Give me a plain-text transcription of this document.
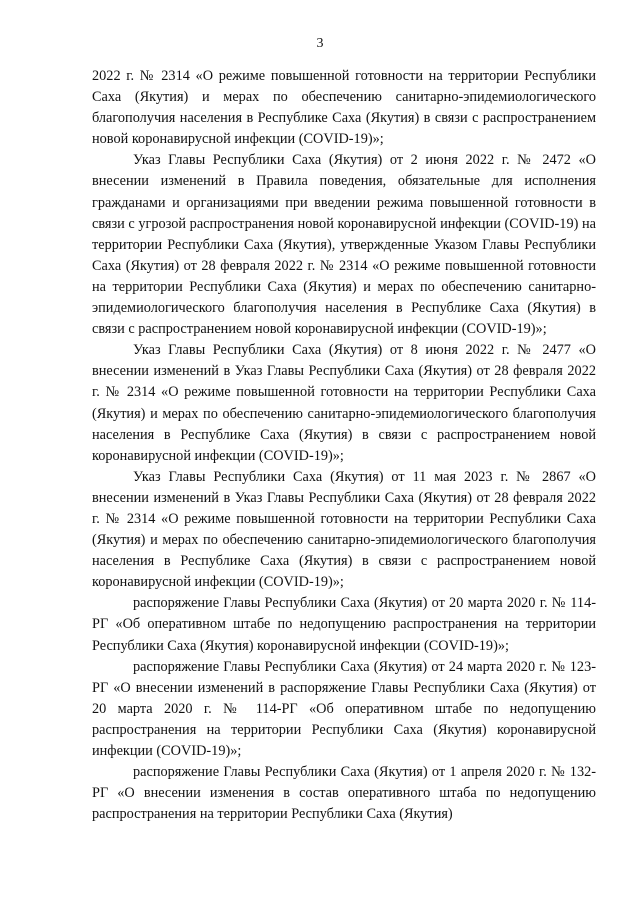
3

2022 г. № 2314 «О режиме повышенной готовности на территории Республики Саха (Якутия) и мерах по обеспечению санитарно-эпидемиологического благополучия населения в Республике Саха (Якутия) в связи с распространением новой коронавирусной инфекции (COVID-19)»;

Указ Главы Республики Саха (Якутия) от 2 июня 2022 г. № 2472 «О внесении изменений в Правила поведения, обязательные для исполнения гражданами и организациями при введении режима повышенной готовности в связи с угрозой распространения новой коронавирусной инфекции (COVID-19) на территории Республики Саха (Якутия), утвержденные Указом Главы Республики Саха (Якутия) от 28 февраля 2022 г. № 2314 «О режиме повышенной готовности на территории Республики Саха (Якутия) и мерах по обеспечению санитарно-эпидемиологического благополучия населения в Республике Саха (Якутия) в связи с распространением новой коронавирусной инфекции (COVID-19)»;

Указ Главы Республики Саха (Якутия) от 8 июня 2022 г. № 2477 «О внесении изменений в Указ Главы Республики Саха (Якутия) от 28 февраля 2022 г. № 2314 «О режиме повышенной готовности на территории Республики Саха (Якутия) и мерах по обеспечению санитарно-эпидемиологического благополучия населения в Республике Саха (Якутия) в связи с распространением новой коронавирусной инфекции (COVID-19)»;

Указ Главы Республики Саха (Якутия) от 11 мая 2023 г. № 2867 «О внесении изменений в Указ Главы Республики Саха (Якутия) от 28 февраля 2022 г. № 2314 «О режиме повышенной готовности на территории Республики Саха (Якутия) и мерах по обеспечению санитарно-эпидемиологического благополучия населения в Республике Саха (Якутия) в связи с распространением новой коронавирусной инфекции (COVID-19)»;

распоряжение Главы Республики Саха (Якутия) от 20 марта 2020 г. № 114-РГ «Об оперативном штабе по недопущению распространения на территории Республики Саха (Якутия) коронавирусной инфекции (COVID-19)»;

распоряжение Главы Республики Саха (Якутия) от 24 марта 2020 г. № 123-РГ «О внесении изменений в распоряжение Главы Республики Саха (Якутия) от 20 марта 2020 г. № 114-РГ «Об оперативном штабе по недопущению распространения на территории Республики Саха (Якутия) коронавирусной инфекции (COVID-19)»;

распоряжение Главы Республики Саха (Якутия) от 1 апреля 2020 г. № 132-РГ «О внесении изменения в состав оперативного штаба по недопущению распространения на территории Республики Саха (Якутия)
